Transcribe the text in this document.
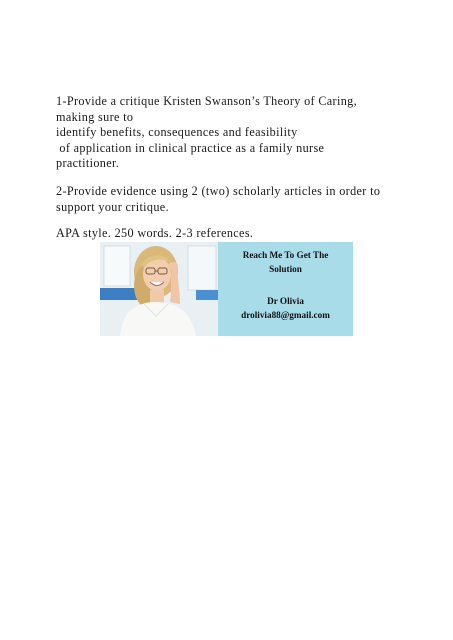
1-Provide a critique Kristen Swanson’s Theory of Caring,
making sure to
identify benefits, consequences and feasibility
of application in clinical practice as a family nurse
practitioner.

2-Provide evidence using 2 (two) scholarly articles in order to
support your critique.

APA style. 250 words. 2-3 references.

Reach Me To Get The
Solution
Dr Olivia
drolivia88@gmail.com
